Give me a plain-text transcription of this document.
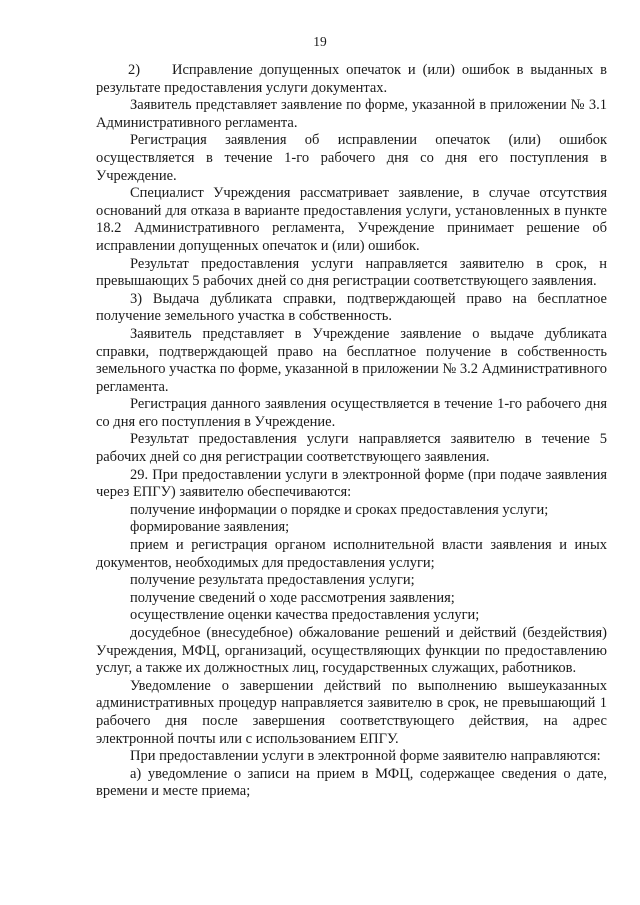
19

2) Исправление допущенных опечаток и (или) ошибок в выданных в результате предоставления услуги документах.

Заявитель представляет заявление по форме, указанной в приложении № 3.1 Административного регламента.

Регистрация заявления об исправлении опечаток (или) ошибок осуществляется в течение 1-го рабочего дня со дня его поступления в Учреждение.

Специалист Учреждения рассматривает заявление, в случае отсутствия оснований для отказа в варианте предоставления услуги, установленных в пункте 18.2 Административного регламента, Учреждение принимает решение об исправлении допущенных опечаток и (или) ошибок.

Результат предоставления услуги направляется заявителю в срок, н превышающих 5 рабочих дней со дня регистрации соответствующего заявления.

3) Выдача дубликата справки, подтверждающей право на бесплатное получение земельного участка в собственность.

Заявитель представляет в Учреждение заявление о выдаче дубликата справки, подтверждающей право на бесплатное получение в собственность земельного участка по форме, указанной в приложении № 3.2 Административного регламента.

Регистрация данного заявления осуществляется в течение 1-го рабочего дня со дня его поступления в Учреждение.

Результат предоставления услуги направляется заявителю в течение 5 рабочих дней со дня регистрации соответствующего заявления.

29. При предоставлении услуги в электронной форме (при подаче заявления через ЕПГУ) заявителю обеспечиваются:

получение информации о порядке и сроках предоставления услуги;

формирование заявления;

прием и регистрация органом исполнительной власти заявления и иных документов, необходимых для предоставления услуги;

получение результата предоставления услуги;

получение сведений о ходе рассмотрения заявления;

осуществление оценки качества предоставления услуги;

досудебное (внесудебное) обжалование решений и действий (бездействия) Учреждения, МФЦ, организаций, осуществляющих функции по предоставлению услуг, а также их должностных лиц, государственных служащих, работников.

Уведомление о завершении действий по выполнению вышеуказанных административных процедур направляется заявителю в срок, не превышающий 1 рабочего дня после завершения соответствующего действия, на адрес электронной почты или с использованием ЕПГУ.

При предоставлении услуги в электронной форме заявителю направляются:

а) уведомление о записи на прием в МФЦ, содержащее сведения о дате, времени и месте приема;
